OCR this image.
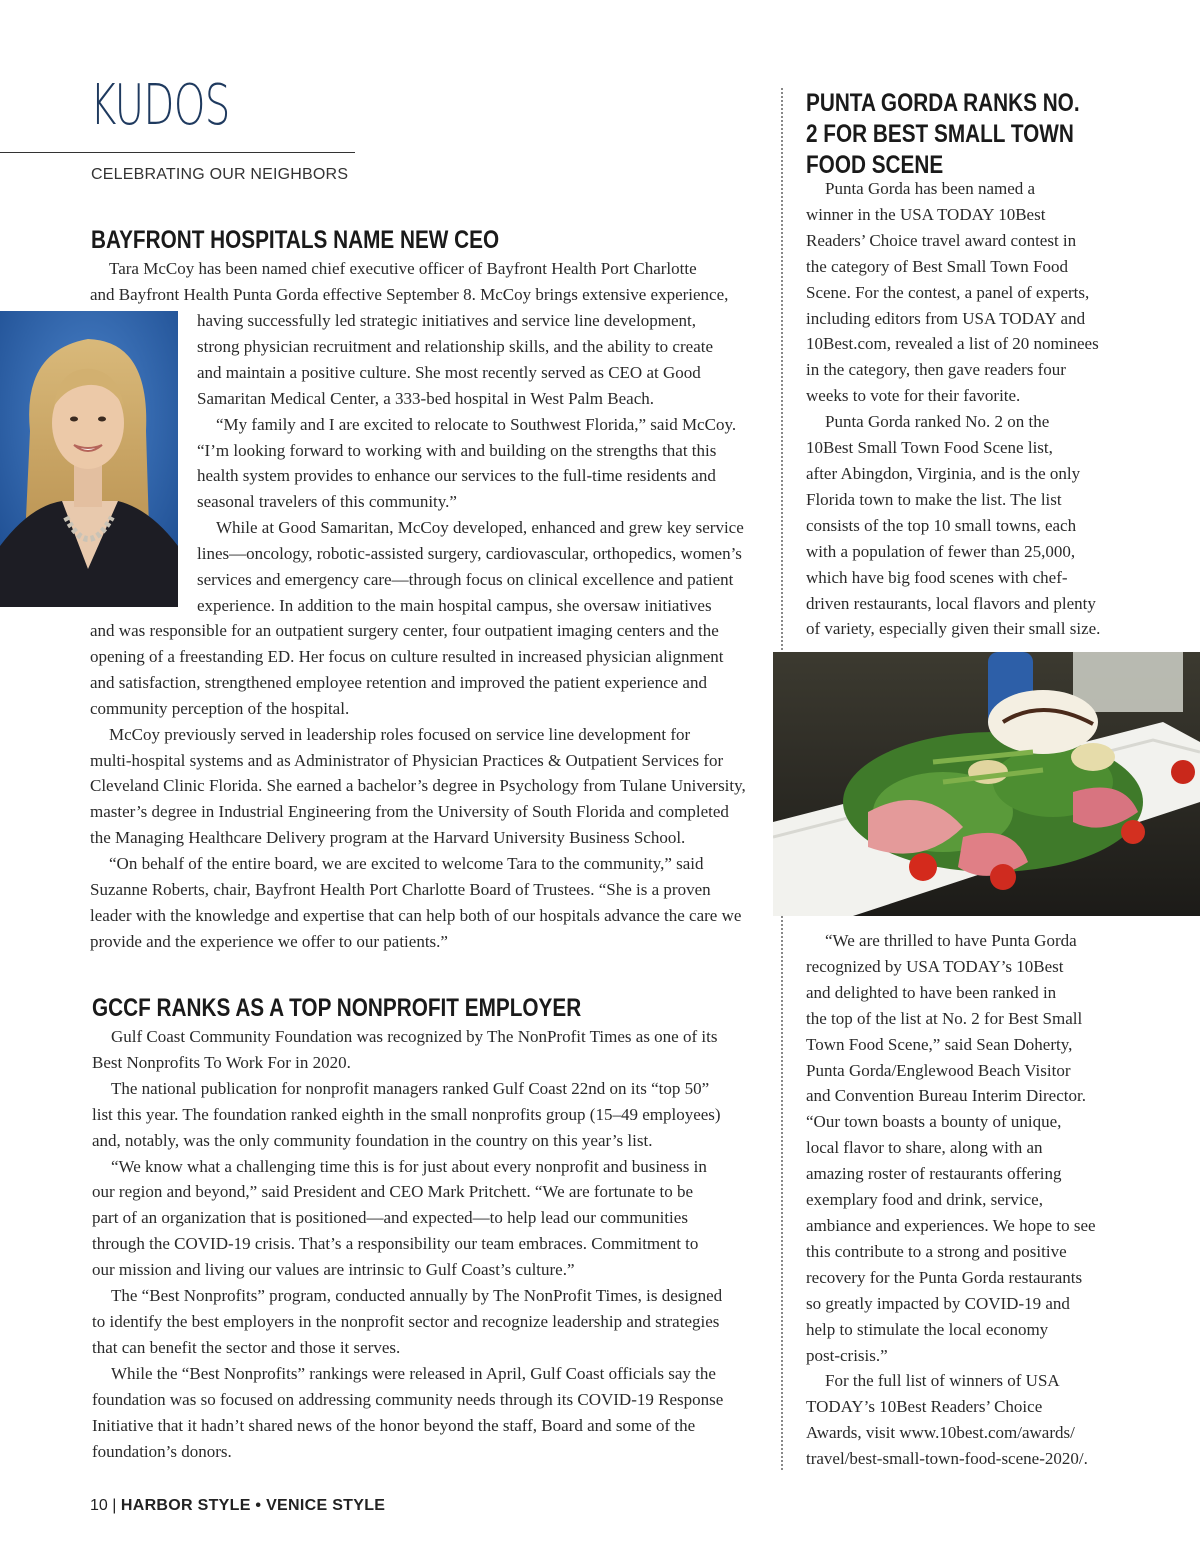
KUDOS
CELEBRATING OUR NEIGHBORS
BAYFRONT HOSPITALS NAME NEW CEO
Tara McCoy has been named chief executive officer of Bayfront Health Port Charlotte
and Bayfront Health Punta Gorda effective September 8. McCoy brings extensive experience,
having successfully led strategic initiatives and service line development,
strong physician recruitment and relationship skills, and the ability to create
and maintain a positive culture. She most recently served as CEO at Good
Samaritan Medical Center, a 333-bed hospital in West Palm Beach.
“My family and I are excited to relocate to Southwest Florida,” said McCoy.
“I’m looking forward to working with and building on the strengths that this
health system provides to enhance our services to the full-time residents and
seasonal travelers of this community.”
While at Good Samaritan, McCoy developed, enhanced and grew key service
lines—oncology, robotic-assisted surgery, cardiovascular, orthopedics, women’s
services and emergency care—through focus on clinical excellence and patient
experience. In addition to the main hospital campus, she oversaw initiatives
and was responsible for an outpatient surgery center, four outpatient imaging centers and the
opening of a freestanding ED. Her focus on culture resulted in increased physician alignment
and satisfaction, strengthened employee retention and improved the patient experience and
community perception of the hospital.
McCoy previously served in leadership roles focused on service line development for
multi-hospital systems and as Administrator of Physician Practices & Outpatient Services for
Cleveland Clinic Florida. She earned a bachelor’s degree in Psychology from Tulane University,
master’s degree in Industrial Engineering from the University of South Florida and completed
the Managing Healthcare Delivery program at the Harvard University Business School.
“On behalf of the entire board, we are excited to welcome Tara to the community,” said
Suzanne Roberts, chair, Bayfront Health Port Charlotte Board of Trustees. “She is a proven
leader with the knowledge and expertise that can help both of our hospitals advance the care we
provide and the experience we offer to our patients.”
GCCF RANKS AS A TOP NONPROFIT EMPLOYER
Gulf Coast Community Foundation was recognized by The NonProfit Times as one of its
Best Nonprofits To Work For in 2020.
The national publication for nonprofit managers ranked Gulf Coast 22nd on its “top 50”
list this year. The foundation ranked eighth in the small nonprofits group (15–49 employees)
and, notably, was the only community foundation in the country on this year’s list.
“We know what a challenging time this is for just about every nonprofit and business in
our region and beyond,” said President and CEO Mark Pritchett. “We are fortunate to be
part of an organization that is positioned—and expected—to help lead our communities
through the COVID-19 crisis. That’s a responsibility our team embraces. Commitment to
our mission and living our values are intrinsic to Gulf Coast’s culture.”
The “Best Nonprofits” program, conducted annually by The NonProfit Times, is designed
to identify the best employers in the nonprofit sector and recognize leadership and strategies
that can benefit the sector and those it serves.
While the “Best Nonprofits” rankings were released in April, Gulf Coast officials say the
foundation was so focused on addressing community needs through its COVID-19 Response
Initiative that it hadn’t shared news of the honor beyond the staff, Board and some of the
foundation’s donors.
PUNTA GORDA RANKS NO.
2 FOR BEST SMALL TOWN
FOOD SCENE
Punta Gorda has been named a
winner in the USA TODAY 10Best
Readers’ Choice travel award contest in
the category of Best Small Town Food
Scene. For the contest, a panel of experts,
including editors from USA TODAY and
10Best.com, revealed a list of 20 nominees
in the category, then gave readers four
weeks to vote for their favorite.
Punta Gorda ranked No. 2 on the
10Best Small Town Food Scene list,
after Abingdon, Virginia, and is the only
Florida town to make the list. The list
consists of the top 10 small towns, each
with a population of fewer than 25,000,
which have big food scenes with chef-
driven restaurants, local flavors and plenty
of variety, especially given their small size.
“We are thrilled to have Punta Gorda
recognized by USA TODAY’s 10Best
and delighted to have been ranked in
the top of the list at No. 2 for Best Small
Town Food Scene,” said Sean Doherty,
Punta Gorda/Englewood Beach Visitor
and Convention Bureau Interim Director.
“Our town boasts a bounty of unique,
local flavor to share, along with an
amazing roster of restaurants offering
exemplary food and drink, service,
ambiance and experiences. We hope to see
this contribute to a strong and positive
recovery for the Punta Gorda restaurants
so greatly impacted by COVID-19 and
help to stimulate the local economy
post-crisis.”
For the full list of winners of USA
TODAY’s 10Best Readers’ Choice
Awards, visit www.10best.com/awards/
travel/best-small-town-food-scene-2020/.
10 | HARBOR STYLE • VENICE STYLE
